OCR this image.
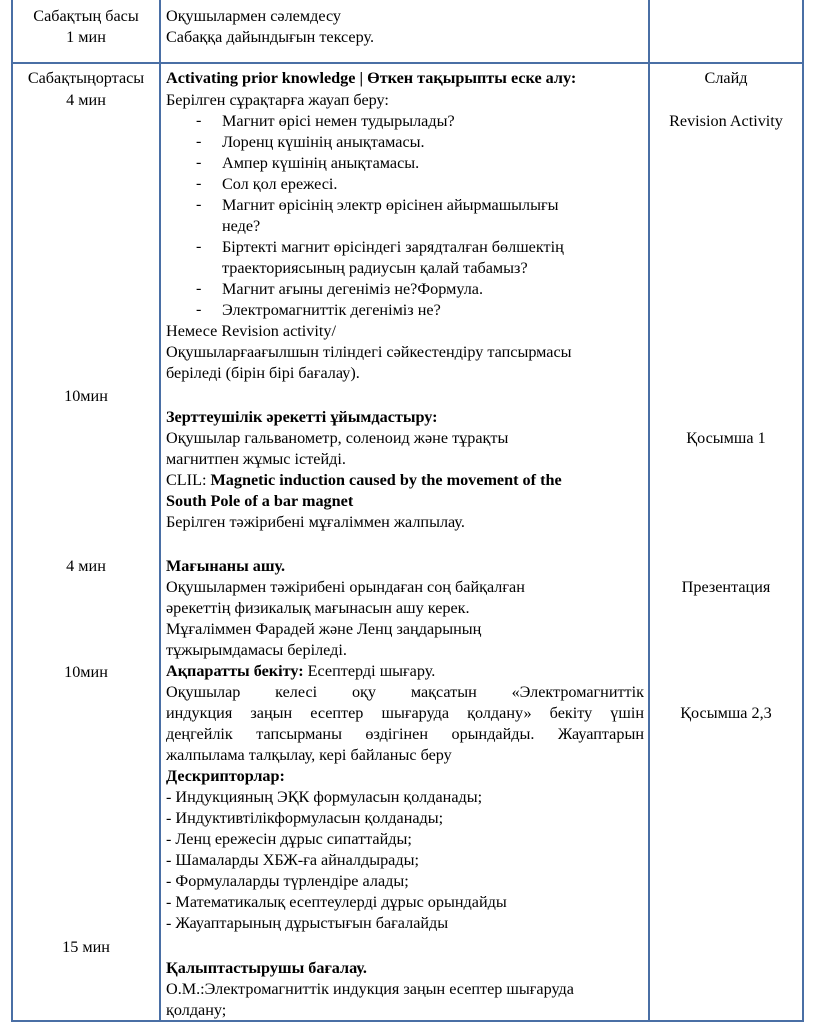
Сабақтың басы
1 мин
Оқушылармен сәлемдесу
Сабаққа дайындығын тексеру.
Сабақтыңортасы
4 мин
10мин
4 мин
10мин
15 мин
Activating prior knowledge | Өткен тақырыпты еске алу:
Берілген сұрақтарға жауап беру:
- Магнит өрісі немен тудырылады?
- Лоренц күшінің анықтамасы.
- Ампер күшінің анықтамасы.
- Сол қол ережесі.
- Магнит өрісінің электр өрісінен айырмашылығы
неде?
- Біртекті магнит өрісіндегі зарядталған бөлшектің
траекториясының радиусын қалай табамыз?
- Магнит ағыны дегеніміз не?Формула.
- Электромагниттік дегеніміз не?
Немесе Revision activity/
Оқушыларғаағылшын тіліндегі сәйкестендіру тапсырмасы
беріледі (бірін бірі бағалау).
Зерттеушілік әрекетті ұйымдастыру:
Оқушылар гальванометр, соленоид және тұрақты
магнитпен жұмыс істейді.
CLIL: Magnetic induction caused by the movement of the
South Pole of a bar magnet
Берілген тәжірибені мұғаліммен жалпылау.
Мағынаны ашу.
Оқушылармен тәжірибені орындаған соң байқалған
әрекеттің физикалық мағынасын ашу керек.
Мұғаліммен Фарадей және Ленц заңдарының
тұжырымдамасы беріледі.
Ақпаратты бекіту: Есептерді шығару.
Оқушылар келесі оқу мақсатын «Электромагниттік
индукция заңын есептер шығаруда қолдану» бекіту үшін
деңгейлік тапсырманы өздігінен орындайды. Жауаптарын
жалпылама талқылау, кері байланыс беру
Дескрипторлар:
- Индукцияның ЭҚК формуласын қолданады;
- Индуктивтілікформуласын қолданады;
- Ленц ережесін дұрыс сипаттайды;
- Шамаларды ХБЖ-ға айналдырады;
- Формулаларды түрлендіре алады;
- Математикалық есептеулерді дұрыс орындайды
- Жауаптарының дұрыстығын бағалайды
Қалыптастырушы бағалау.
О.М.:Электромагниттік индукция заңын есептер шығаруда
қолдану;
Слайд
Revision Activity
Қосымша 1
Презентация
Қосымша 2,3
